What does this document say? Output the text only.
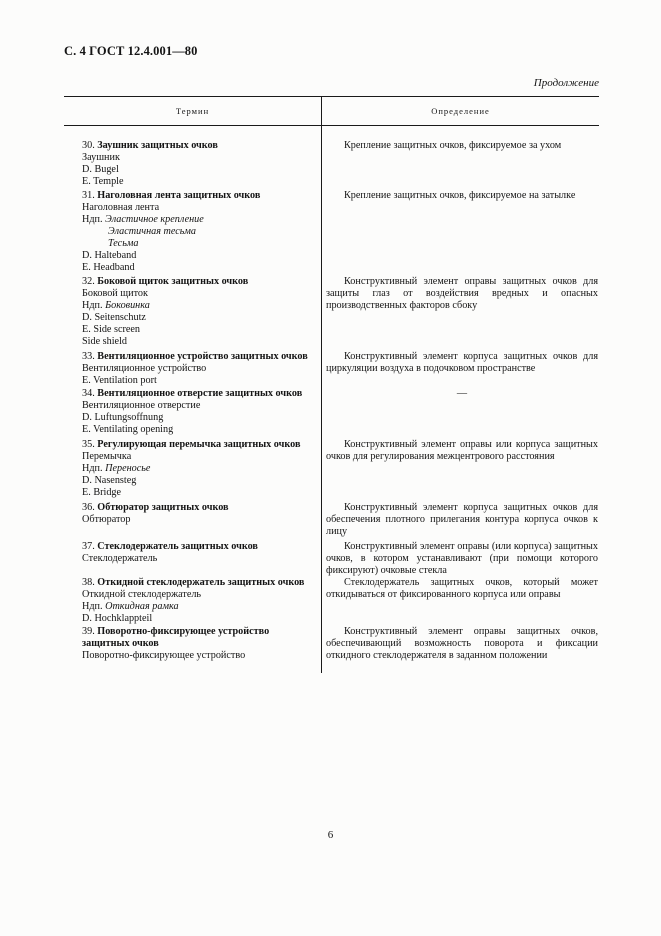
С. 4 ГОСТ 12.4.001—80
Продолжение
Термин	Определение
30. Заушник защитных очков
Заушник
D. Bugel
E. Temple
Крепление защитных очков, фиксируемое за ухом
31. Наголовная лента защитных очков
Наголовная лента
Ндп. Эластичное крепление
Эластичная тесьма
Тесьма
D. Halteband
E. Headband
Крепление защитных очков, фиксируемое на затылке
32. Боковой щиток защитных очков
Боковой щиток
Ндп. Боковинка
D. Seitenschutz
E. Side screen
Side shield
Конструктивный элемент оправы защитных очков для защиты глаз от воздействия вредных и опасных производственных факторов сбоку
33. Вентиляционное устройство защитных очков
Вентиляционное устройство
E. Ventilation port
Конструктивный элемент корпуса защитных очков для циркуляции воздуха в подочковом пространстве
34. Вентиляционное отверстие защитных очков
Вентиляционное отверстие
D. Luftungsoffnung
E. Ventilating opening
—
35. Регулирующая перемычка защитных очков
Перемычка
Ндп. Переносье
D. Nasensteg
E. Bridge
Конструктивный элемент оправы или корпуса защитных очков для регулирования межцентрового расстояния
36. Обтюратор защитных очков
Обтюратор
Конструктивный элемент корпуса защитных очков для обеспечения плотного прилегания контура корпуса очков к лицу
37. Стеклодержатель защитных очков
Стеклодержатель
Конструктивный элемент оправы (или корпуса) защитных очков, в котором устанавливают (при помощи которого фиксируют) очковые стекла
38. Откидной стеклодержатель защитных очков
Откидной стеклодержатель
Ндп. Откидная рамка
D. Hochklappteil
Стеклодержатель защитных очков, который может откидываться от фиксированного корпуса или оправы
39. Поворотно-фиксирующее устройство защитных очков
Поворотно-фиксирующее устройство
Конструктивный элемент оправы защитных очков, обеспечивающий возможность поворота и фиксации откидного стеклодержателя в заданном положении
6
